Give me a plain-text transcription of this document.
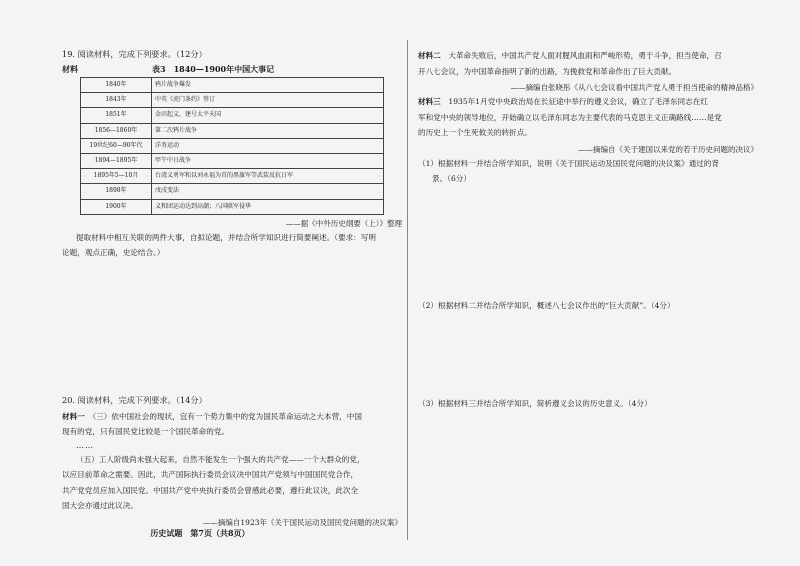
19. 阅读材料，完成下列要求。（12分）

材料	表3　1840—1900年中国大事记
1840年	鸦片战争爆发
1843年	中英《虎门条约》签订
1851年	金田起义，建号太平天国
1856—1860年	第二次鸦片战争
19世纪60—90年代	洋务运动
1894—1895年	甲午中日战争
1895年5—10月	台湾义勇军和以刘永福为首的黑旗军等武装反抗日军
1898年	戊戌变法
1900年	义和团运动达到高潮；八国联军侵华
——据《中外历史纲要（上）》整理

提取材料中相互关联的两件大事，自拟论题，并结合所学知识进行简要阐述。（要求：写明

论题，观点正确，史论结合。）

20. 阅读材料，完成下列要求。（14分）

材料一　 （三）依中国社会的现状，宜有一个势力集中的党为国民革命运动之大本营，中国

现有的党，只有国民党比较是一个国民革命的党。

……

（五）工人阶级尚未强大起来，自然不能发生一个强大的共产党——一个大群众的党，

以应目前革命之需要。因此，共产国际执行委员会议决中国共产党须与中国国民党合作，

共产党党员应加入国民党。中国共产党中央执行委员会曾感此必要，遵行此议决，此次全

国大会亦通过此议决。

——摘编自1923年《关于国民运动及国民党问题的决议案》

材料二　 大革命失败后，中国共产党人面对腥风血雨和严峻形势，勇于斗争，担当使命，召

开八七会议，为中国革命指明了新的出路，为挽救党和革命作出了巨大贡献。

——摘编自张晓彤《从八七会议看中国共产党人勇于担当使命的精神品格》

材料三　 1935年1月党中央政治局在长征途中举行的遵义会议，确立了毛泽东同志在红

军和党中央的领导地位，开始确立以毛泽东同志为主要代表的马克思主义正确路线……是党

的历史上一个生死攸关的转折点。

——摘编自《关于建国以来党的若干历史问题的决议》

（1）根据材料一并结合所学知识，说明《关于国民运动及国民党问题的决议案》通过的背

景。（6分）

（2）根据材料二并结合所学知识，概述八七会议作出的“巨大贡献”。（4分）

（3）根据材料三并结合所学知识，简析遵义会议的历史意义。（4分）

历史试题　第7页（共8页）
